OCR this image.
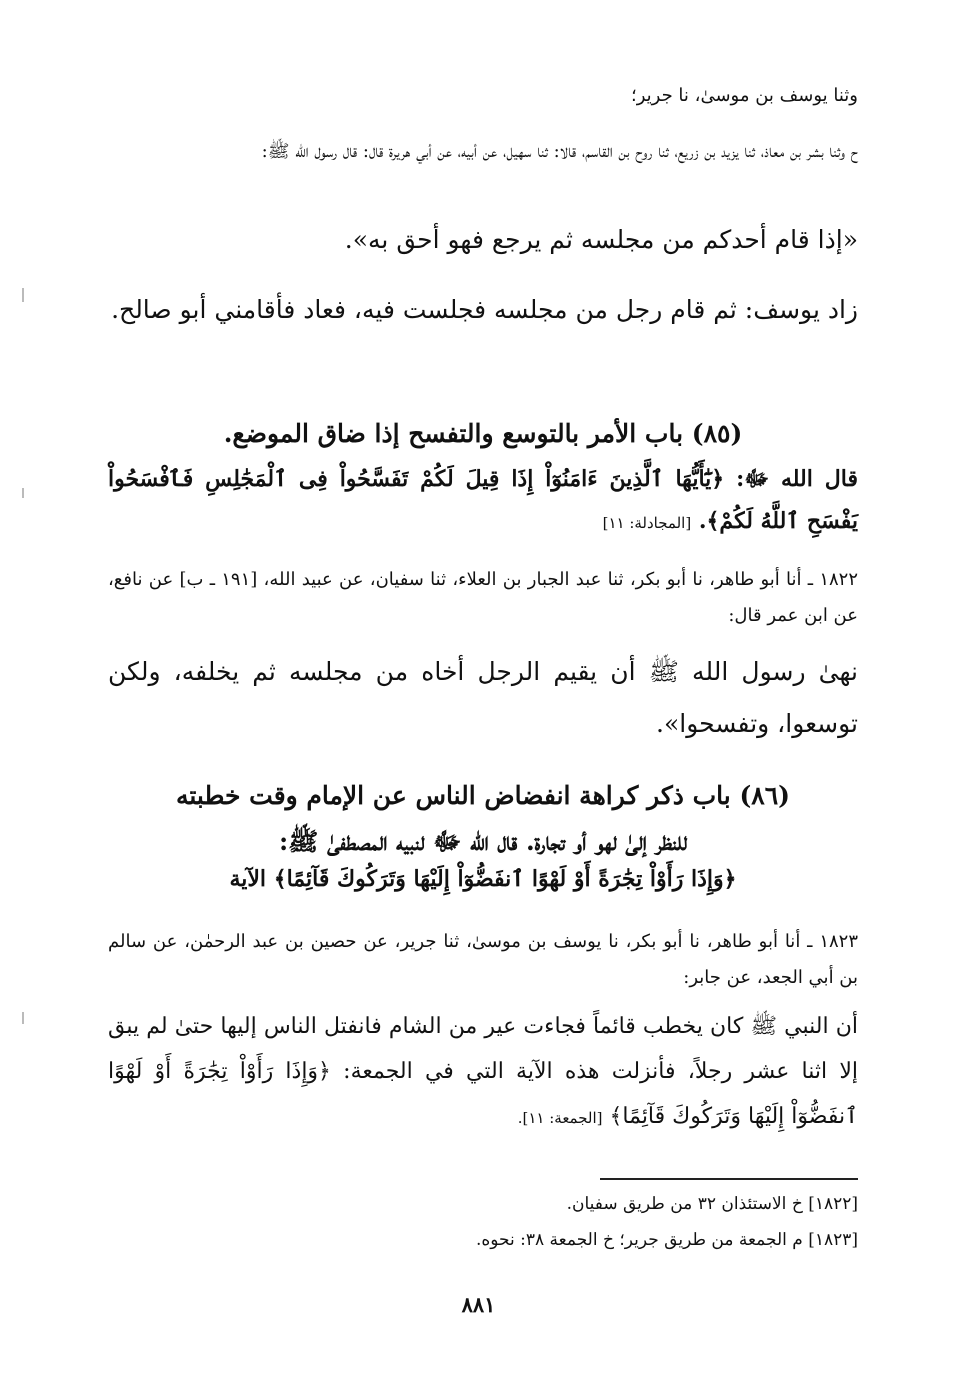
وثنا يوسف بن موسىٰ، نا جرير؛
ح وثنا بشر بن معاذ، ثنا يزيد بن زريع، ثنا روح بن القاسم، قالا: ثنا سهيل، عن أبيه، عن أبي هريرة قال: قال رسول الله ﷺ:
«إذا قام أحدكم من مجلسه ثم يرجع فهو أحق به».
زاد يوسف: ثم قام رجل من مجلسه فجلست فيه، فعاد فأقامني أبو صالح.
(٨٥) باب الأمر بالتوسع والتفسح إذا ضاق الموضع.
قال الله ﷻ: ﴿يَٰٓأَيُّهَا ٱلَّذِينَ ءَامَنُوٓاْ إِذَا قِيلَ لَكُمْ تَفَسَّحُواْ فِى ٱلْمَجَٰلِسِ فَٱفْسَحُواْ يَفْسَحِ ٱللَّهُ لَكُمْ﴾. [المجادلة: ١١]
١٨٢٢ ـ أنا أبو طاهر، نا أبو بكر، ثنا عبد الجبار بن العلاء، ثنا سفيان، عن عبيد الله، [١٩١ ـ ب] عن نافع، عن ابن عمر قال:
نهىٰ رسول الله ﷺ أن يقيم الرجل أخاه من مجلسه ثم يخلفه، ولكن توسعوا، وتفسحوا».
(٨٦) باب ذكر كراهة انفضاض الناس عن الإمام وقت خطبته
للنظر إلىٰ لهو أو تجارة. قال الله ﷻ لنبيه المصطفىٰ ﷺ:
﴿وَإِذَا رَأَوْاْ تِجَٰرَةً أَوْ لَهْوًا ٱنفَضُّوٓاْ إِلَيْهَا وَتَرَكُوكَ قَآئِمًا﴾ الآية
١٨٢٣ ـ أنا أبو طاهر، نا أبو بكر، نا يوسف بن موسىٰ، ثنا جرير، عن حصين بن عبد الرحمٰن، عن سالم بن أبي الجعد، عن جابر:
أن النبي ﷺ كان يخطب قائماً فجاءت عير من الشام فانفتل الناس إليها حتىٰ لم يبق إلا اثنا عشر رجلاً، فأنزلت هذه الآية التي في الجمعة: ﴿وَإِذَا رَأَوْاْ تِجَٰرَةً أَوْ لَهْوًا ٱنفَضُّوٓاْ إِلَيْهَا وَتَرَكُوكَ قَآئِمًا﴾ [الجمعة: ١١].
[١٨٢٢] خ الاستئذان ٣٢ من طريق سفيان.
[١٨٢٣] م الجمعة من طريق جرير؛ خ الجمعة ٣٨: نحوه.
٨٨١
